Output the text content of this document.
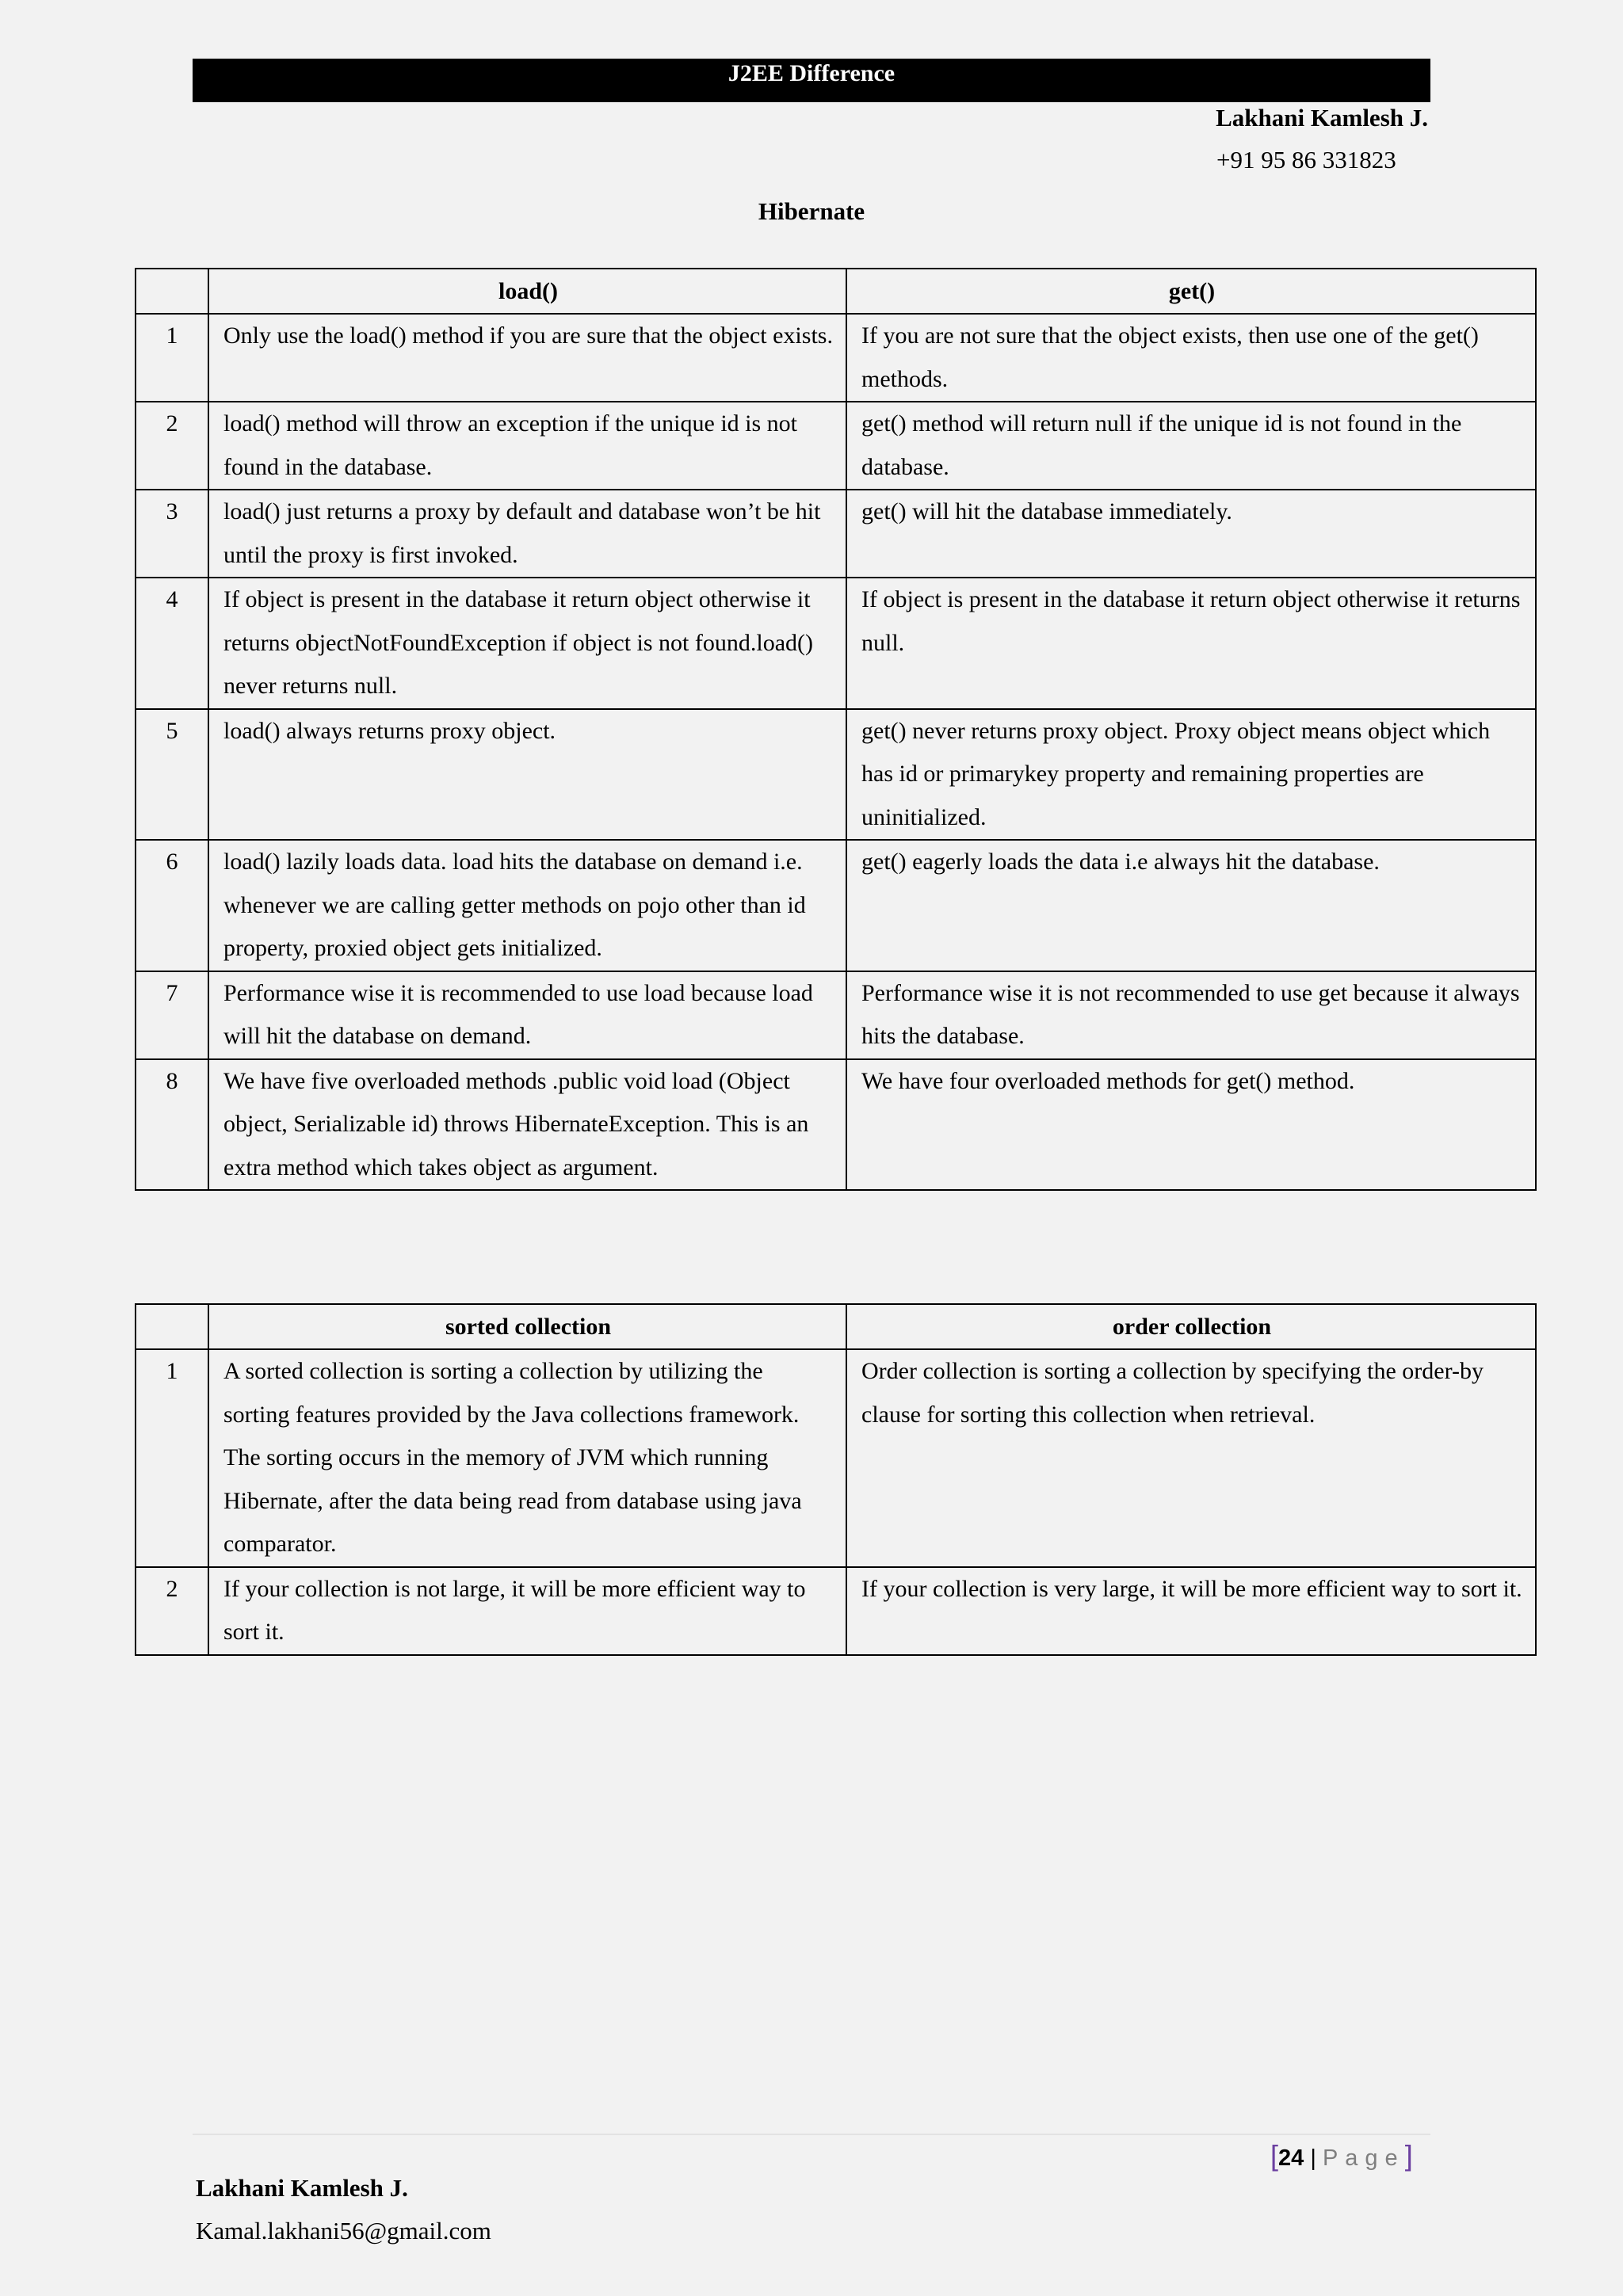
J2EE Difference
Lakhani Kamlesh J.
+91 95 86 331823
Hibernate
	load()	get()
1	Only use the load() method if you are sure that the object exists.	If you are not sure that the object exists, then use one of the get() methods.
2	load() method will throw an exception if the unique id is not found in the database.	get() method will return null if the unique id is not found in the database.
3	load() just returns a proxy by default and database won’t be hit until the proxy is first invoked.	get() will hit the database immediately.
4	If object is present in the database it return object otherwise it returns objectNotFoundException if object is not found.load() never returns null.	If object is present in the database it return object otherwise it returns null.
5	load() always returns proxy object.	get() never returns proxy object. Proxy object means object which has id or primarykey property and remaining properties are uninitialized.
6	load() lazily loads data. load hits the database on demand i.e. whenever we are calling getter methods on pojo other than id property, proxied object gets initialized.	get() eagerly loads the data i.e always hit the database.
7	Performance wise it is recommended to use load because load will hit the database on demand.	Performance wise it is not recommended to use get because it always hits the database.
8	We have five overloaded methods .public void load (Object object, Serializable id) throws HibernateException. This is an extra method which takes object as argument.	We have four overloaded methods for get() method.
	sorted collection	order collection
1	A sorted collection is sorting a collection by utilizing the sorting features provided by the Java collections framework. The sorting occurs in the memory of JVM which running Hibernate, after the data being read from database using java comparator.	Order collection is sorting a collection by specifying the order-by clause for sorting this collection when retrieval.
2	If your collection is not large, it will be more efficient way to sort it.	If your collection is very large, it will be more efficient way to sort it.
[24 | Page]
Lakhani Kamlesh J.
Kamal.lakhani56@gmail.com
